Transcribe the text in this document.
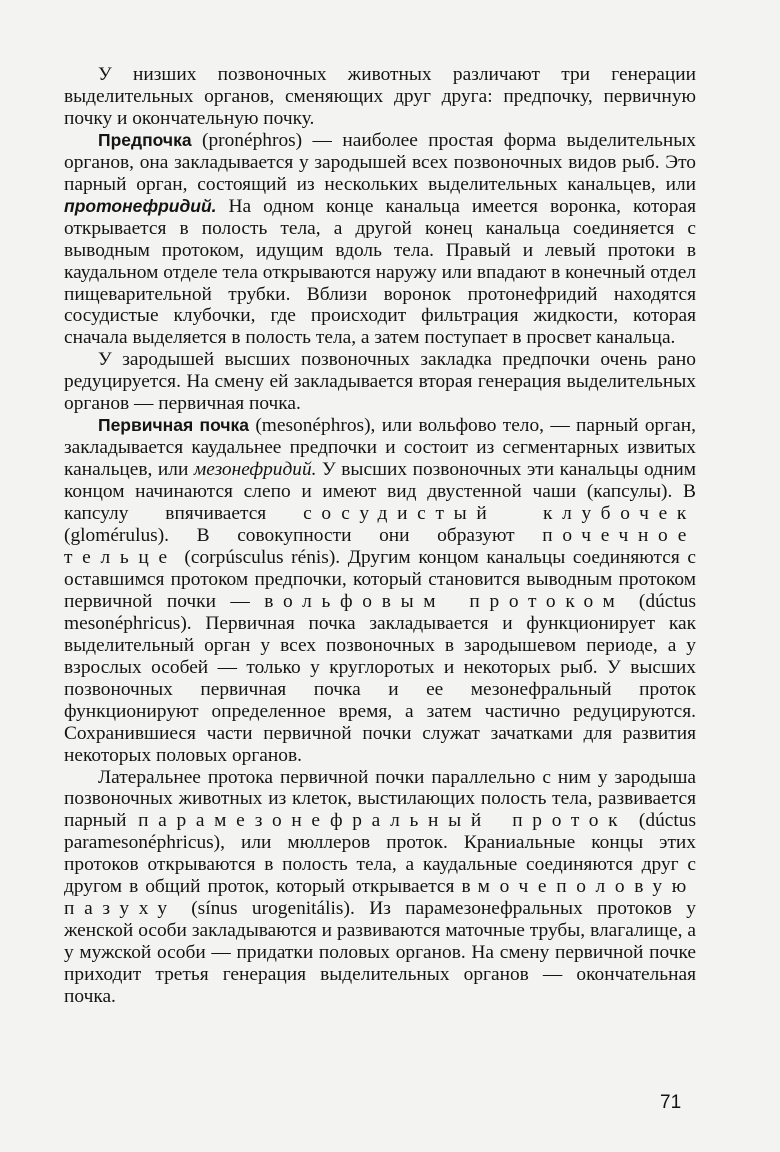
У низших позвоночных животных различают три генерации выделительных органов, сменяющих друг друга: предпочку, первичную почку и окончательную почку.

Предпочка (pronéphros) — наиболее простая форма выделительных органов, она закладывается у зародышей всех позвоночных видов рыб. Это парный орган, состоящий из нескольких выделительных канальцев, или протонефридий. На одном конце канальца имеется воронка, которая открывается в полость тела, а другой конец канальца соединяется с выводным протоком, идущим вдоль тела. Правый и левый протоки в каудальном отделе тела открываются наружу или впадают в конечный отдел пищеварительной трубки. Вблизи воронок протонефридий находятся сосудистые клубочки, где происходит фильтрация жидкости, которая сначала выделяется в полость тела, а затем поступает в просвет канальца.

У зародышей высших позвоночных закладка предпочки очень рано редуцируется. На смену ей закладывается вторая генерация выделительных органов — первичная почка.

Первичная почка (mesonéphros), или вольфово тело, — парный орган, закладывается каудальнее предпочки и состоит из сегментарных извитых канальцев, или мезонефридий. У высших позвоночных эти канальцы одним концом начинаются слепо и имеют вид двустенной чаши (капсулы). В капсулу впячивается сосудистый клубочек (glomérulus). В совокупности они образуют почечное тельце (corpúsculus rénis). Другим концом канальцы соединяются с оставшимся протоком предпочки, который становится выводным протоком первичной почки — вольфовым протоком (dúctus mesonéphricus). Первичная почка закладывается и функционирует как выделительный орган у всех позвоночных в зародышевом периоде, а у взрослых особей — только у круглоротых и некоторых рыб. У высших позвоночных первичная почка и ее мезонефральный проток функционируют определенное время, а затем частично редуцируются. Сохранившиеся части первичной почки служат зачатками для развития некоторых половых органов.

Латеральнее протока первичной почки параллельно с ним у зародыша позвоночных животных из клеток, выстилающих полость тела, развивается парный парамезонефральный проток (dúctus paramesonéphricus), или мюллеров проток. Краниальные концы этих протоков открываются в полость тела, а каудальные соединяются друг с другом в общий проток, который открывается в мочеполовую пазуху (sínus urogenitális). Из парамезонефральных протоков у женской особи закладываются и развиваются маточные трубы, влагалище, а у мужской особи — придатки половых органов. На смену первичной почке приходит третья генерация выделительных органов — окончательная почка.

71
